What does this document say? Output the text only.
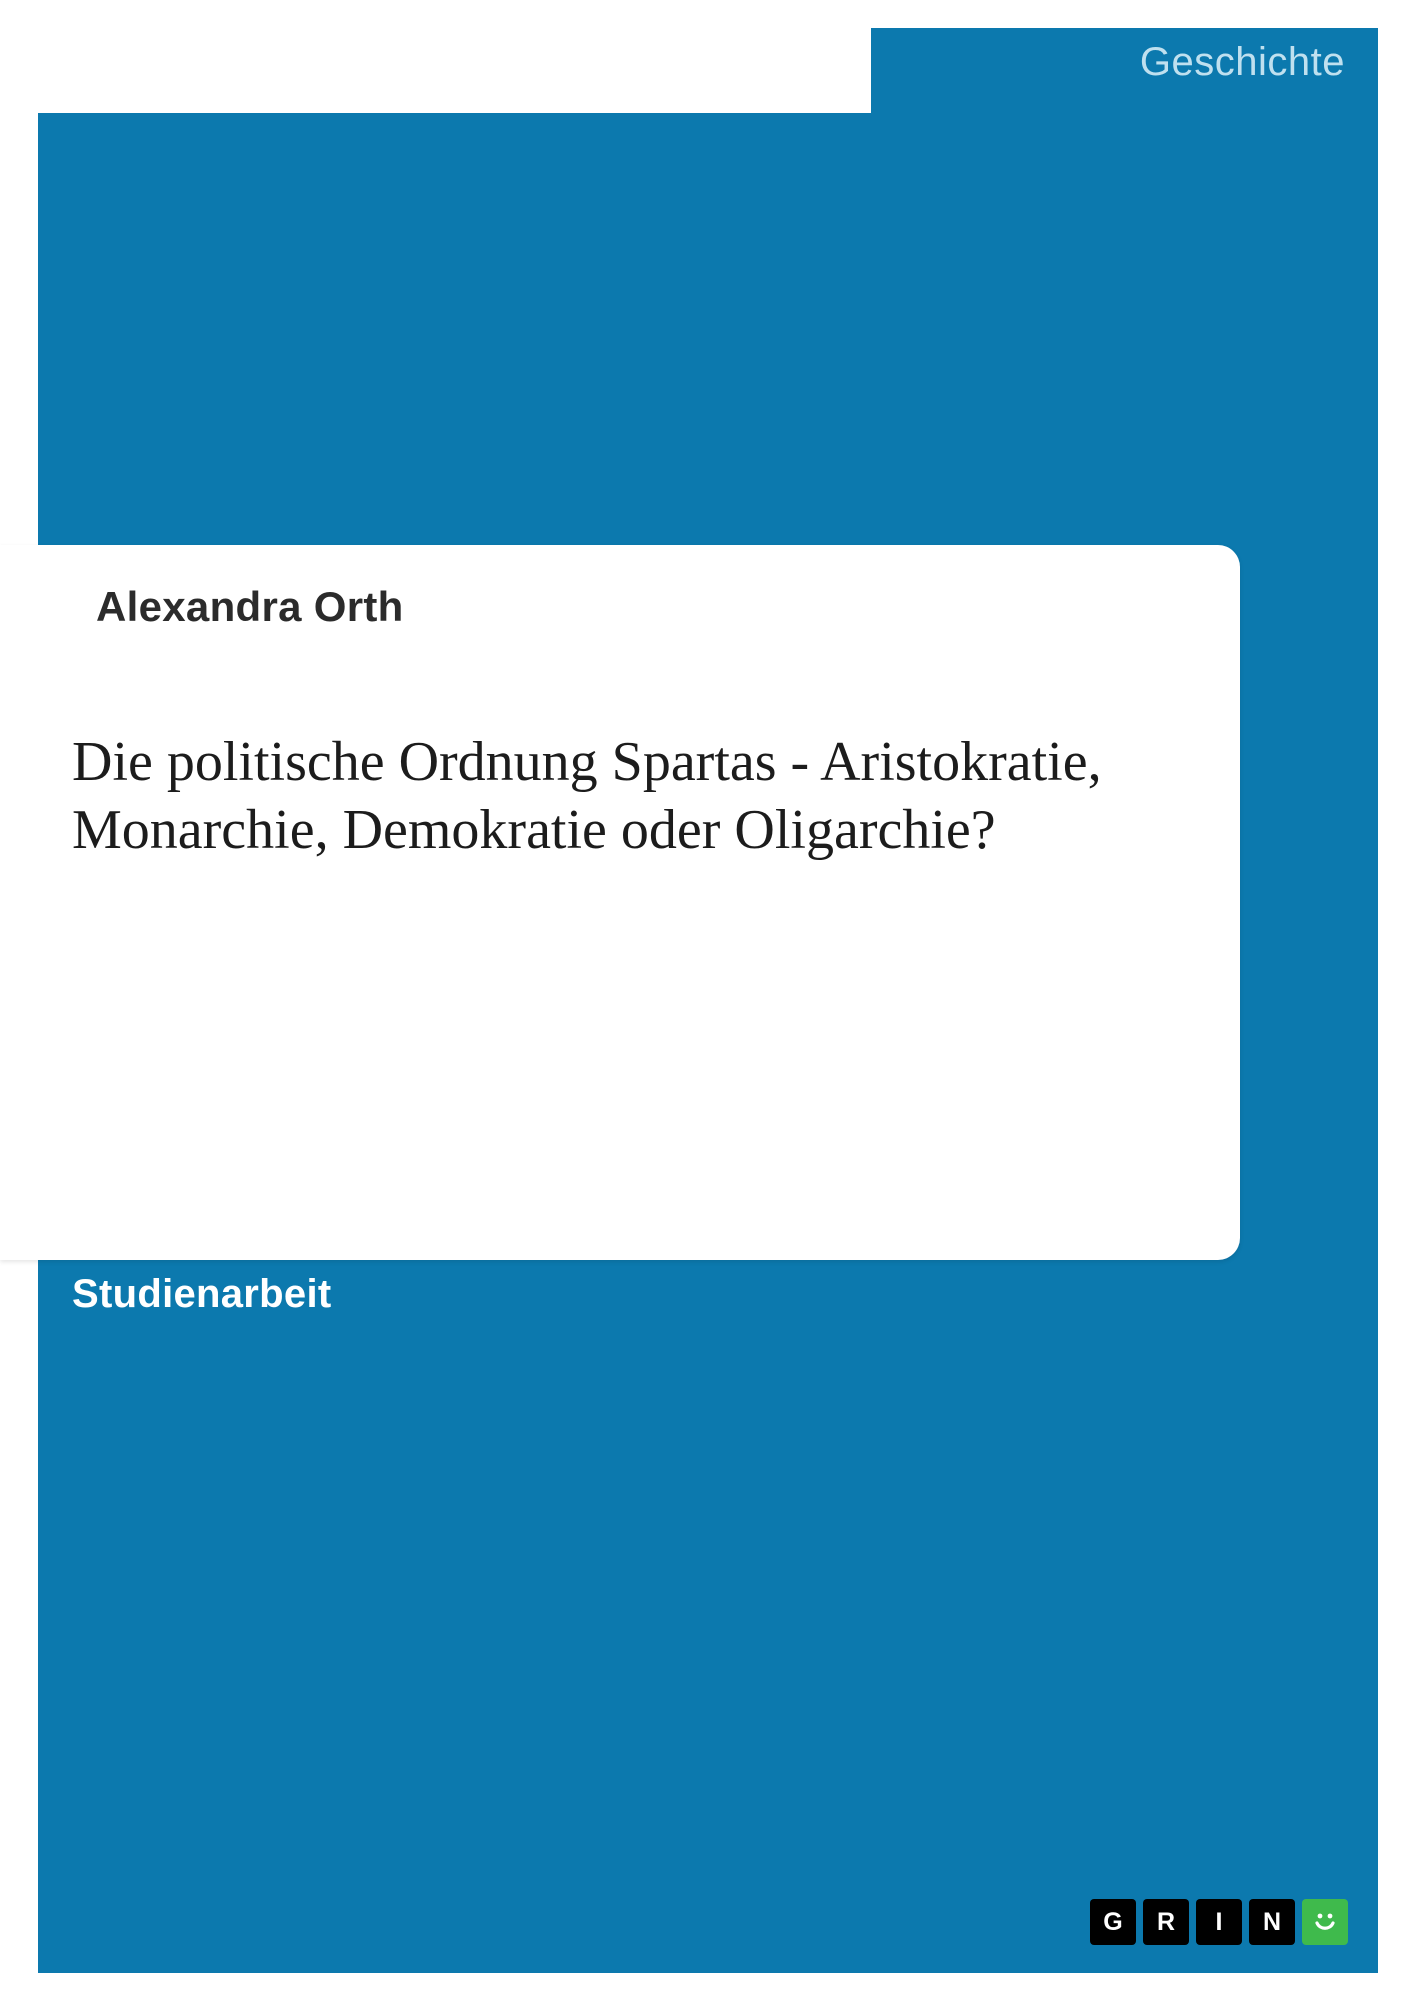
Geschichte
Alexandra Orth
Die politische Ordnung Spartas - Aristokratie, Monarchie, Demokratie oder Oligarchie?
Studienarbeit
G	R	I	N
